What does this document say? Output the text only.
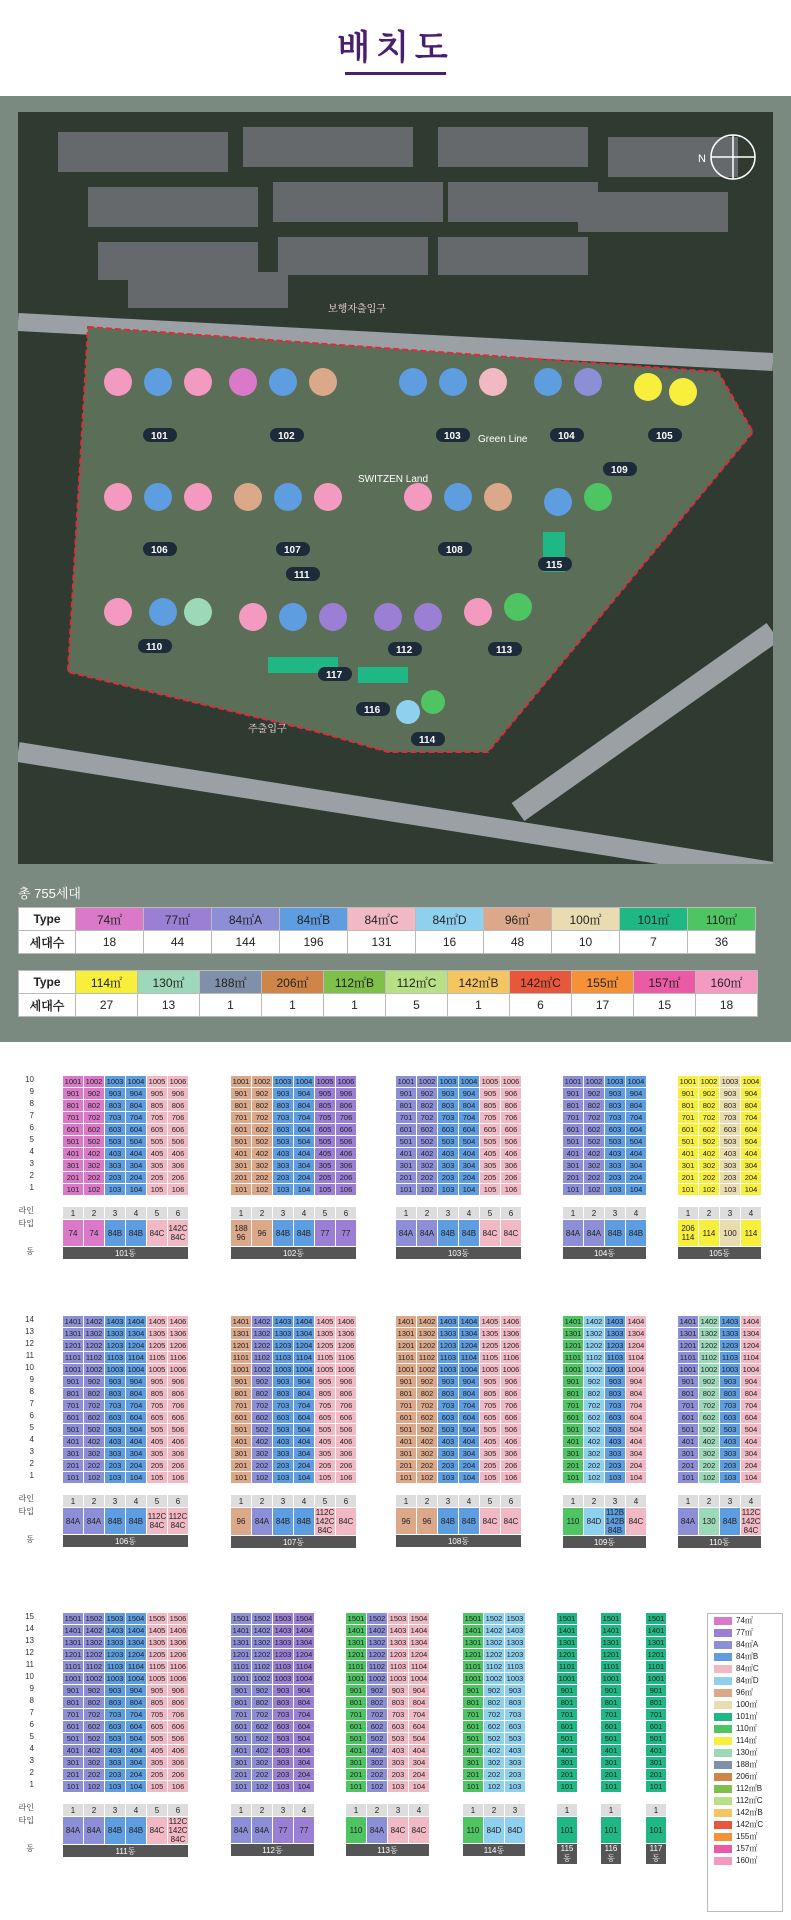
배치도
보행자출입구
Green Line
SWITZEN Land
주출입구
101	102	103	104	105
106	107	108
109
115
111
110	112	113
117
116
114
N
총 755세대
Type	74㎡	77㎡	84㎡A	84㎡B	84㎡C	84㎡D	96㎡	100㎡	101㎡	110㎡
세대수	18	44	144	196	131	16	48	10	7	36
Type	114㎡	130㎡	188㎡	206㎡	112㎡B	112㎡C	142㎡B	142㎡C	155㎡	157㎡	160㎡
세대수	27	13	1	1	1	5	1	6	17	15	18
10
9
8
7
6
5
4
3
2
1
1001	1002	1003	1004	1005	1006
901	902	903	904	905	906
801	802	803	804	805	806
701	702	703	704	705	706
601	602	603	604	605	606
501	502	503	504	505	506
401	402	403	404	405	406
301	302	303	304	305	306
201	202	203	204	205	206
101	102	103	104	105	106
1	2	3	4	5	6
74	74	84B	84B	84C	142C 84C
101동					
1001	1002	1003	1004	1005	1006
901	902	903	904	905	906
801	802	803	804	805	806
701	702	703	704	705	706
601	602	603	604	605	606
501	502	503	504	505	506
401	402	403	404	405	406
301	302	303	304	305	306
201	202	203	204	205	206
101	102	103	104	105	106
1	2	3	4	5	6
188 96	96	84B	84B	77	77
102동					
1001	1002	1003	1004	1005	1006
901	902	903	904	905	906
801	802	803	804	805	806
701	702	703	704	705	706
601	602	603	604	605	606
501	502	503	504	505	506
401	402	403	404	405	406
301	302	303	304	305	306
201	202	203	204	205	206
101	102	103	104	105	106
1	2	3	4	5	6
84A	84A	84B	84B	84C	84C
103동					
1001	1002	1003	1004
901	902	903	904
801	802	803	804
701	702	703	704
601	602	603	604
501	502	503	504
401	402	403	404
301	302	303	304
201	202	203	204
101	102	103	104
1	2	3	4
84A	84A	84B	84B
104동			
1001	1002	1003	1004
901	902	903	904
801	802	803	804
701	702	703	704
601	602	603	604
501	502	503	504
401	402	403	404
301	302	303	304
201	202	203	204
101	102	103	104
1	2	3	4
206 114	114	100	114
105동			
라인
타입
동
14
13
12
11
10
9
8
7
6
5
4
3
2
1
1401	1402	1403	1404	1405	1406
1301	1302	1303	1304	1305	1306
1201	1202	1203	1204	1205	1206
1101	1102	1103	1104	1105	1106
1001	1002	1003	1004	1005	1006
901	902	903	904	905	906
801	802	803	804	805	806
701	702	703	704	705	706
601	602	603	604	605	606
501	502	503	504	505	506
401	402	403	404	405	406
301	302	303	304	305	306
201	202	203	204	205	206
101	102	103	104	105	106
1	2	3	4	5	6
84A	84A	84B	84B	112C 84C	112C 84C
106동					
1401	1402	1403	1404	1405	1406
1301	1302	1303	1304	1305	1306
1201	1202	1203	1204	1205	1206
1101	1102	1103	1104	1105	1106
1001	1002	1003	1004	1005	1006
901	902	903	904	905	906
801	802	803	804	805	806
701	702	703	704	705	706
601	602	603	604	605	606
501	502	503	504	505	506
401	402	403	404	405	406
301	302	303	304	305	306
201	202	203	204	205	206
101	102	103	104	105	106
1	2	3	4	5	6
96	84A	84B	84B	112C 142C 84C	84C
107동					
1401	1402	1403	1404	1405	1406
1301	1302	1303	1304	1305	1306
1201	1202	1203	1204	1205	1206
1101	1102	1103	1104	1105	1106
1001	1002	1003	1004	1005	1006
901	902	903	904	905	906
801	802	803	804	805	806
701	702	703	704	705	706
601	602	603	604	605	606
501	502	503	504	505	506
401	402	403	404	405	406
301	302	303	304	305	306
201	202	203	204	205	206
101	102	103	104	105	106
1	2	3	4	5	6
96	96	84B	84B	84C	84C
108동					
1401	1402	1403	1404
1301	1302	1303	1304
1201	1202	1203	1204
1101	1102	1103	1104
1001	1002	1003	1004
901	902	903	904
801	802	803	804
701	702	703	704
601	602	603	604
501	502	503	504
401	402	403	404
301	302	303	304
201	202	203	204
101	102	103	104
1	2	3	4
110	84D	112B 142B 84B	84C
109동			
1401	1402	1403	1404
1301	1302	1303	1304
1201	1202	1203	1204
1101	1102	1103	1104
1001	1002	1003	1004
901	902	903	904
801	802	803	804
701	702	703	704
601	602	603	604
501	502	503	504
401	402	403	404
301	302	303	304
201	202	203	204
101	102	103	104
1	2	3	4
84A	130	84B	112C 142C 84C
110동			
라인
타입
동
15
14
13
12
11
10
9
8
7
6
5
4
3
2
1
1501	1502	1503	1504	1505	1506
1401	1402	1403	1404	1405	1406
1301	1302	1303	1304	1305	1306
1201	1202	1203	1204	1205	1206
1101	1102	1103	1104	1105	1106
1001	1002	1003	1004	1005	1006
901	902	903	904	905	906
801	802	803	804	805	806
701	702	703	704	705	706
601	602	603	604	605	606
501	502	503	504	505	506
401	402	403	404	405	406
301	302	303	304	305	306
201	202	203	204	205	206
101	102	103	104	105	106
1	2	3	4	5	6
84A	84A	84B	84B	84C	112C 142C 84C
111동					
1501	1502	1503	1504
1401	1402	1403	1404
1301	1302	1303	1304
1201	1202	1203	1204
1101	1102	1103	1104
1001	1002	1003	1004
901	902	903	904
801	802	803	804
701	702	703	704
601	602	603	604
501	502	503	504
401	402	403	404
301	302	303	304
201	202	203	204
101	102	103	104
1	2	3	4
84A	84A	77	77
112동			
1501	1502	1503	1504
1401	1402	1403	1404
1301	1302	1303	1304
1201	1202	1203	1204
1101	1102	1103	1104
1001	1002	1003	1004
901	902	903	904
801	802	803	804
701	702	703	704
601	602	603	604
501	502	503	504
401	402	403	404
301	302	303	304
201	202	203	204
101	102	103	104
1	2	3	4
110	84A	84C	84C
113동			
1501	1502	1503
1401	1402	1403
1301	1302	1303
1201	1202	1203
1101	1102	1103
1001	1002	1003
901	902	903
801	802	803
701	702	703
601	602	603
501	502	503
401	402	403
301	302	303
201	202	203
101	102	103
1	2	3
110	84D	84D
114동		
1501
1401
1301
1201
1101
1001
901
801
701
601
501
401
301
201
101
1
101
115동
1501
1401
1301
1201
1101
1001
901
801
701
601
501
401
301
201
101
1
101
116동
1501
1401
1301
1201
1101
1001
901
801
701
601
501
401
301
201
101
1
101
117동
라인
타입
동
74㎡
77㎡
84㎡A
84㎡B
84㎡C
84㎡D
96㎡
100㎡
101㎡
110㎡
114㎡
130㎡
188㎡
206㎡
112㎡B
112㎡C
142㎡B
142㎡C
155㎡
157㎡
160㎡
